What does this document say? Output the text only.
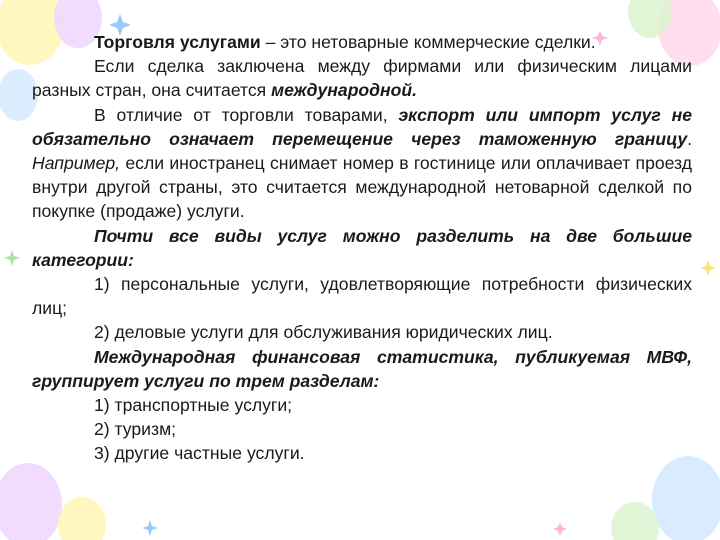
Торговля услугами – это нетоварные коммерческие сделки.

Если сделка заключена между фирмами или физическим лицами разных стран, она считается международной.

В отличие от торговли товарами, экспорт или импорт услуг не обязательно означает перемещение через таможенную границу. Например, если иностранец снимает номер в гостинице или оплачивает проезд внутри другой страны, это считается международной нетоварной сделкой по покупке (продаже) услуги.

Почти все виды услуг можно разделить на две большие категории:

1) персональные услуги, удовлетворяющие потребности физических лиц;

2) деловые услуги для обслуживания юридических лиц.

Международная финансовая статистика, публикуемая МВФ, группирует услуги по трем разделам:

1) транспортные услуги;

2) туризм;

3) другие частные услуги.
